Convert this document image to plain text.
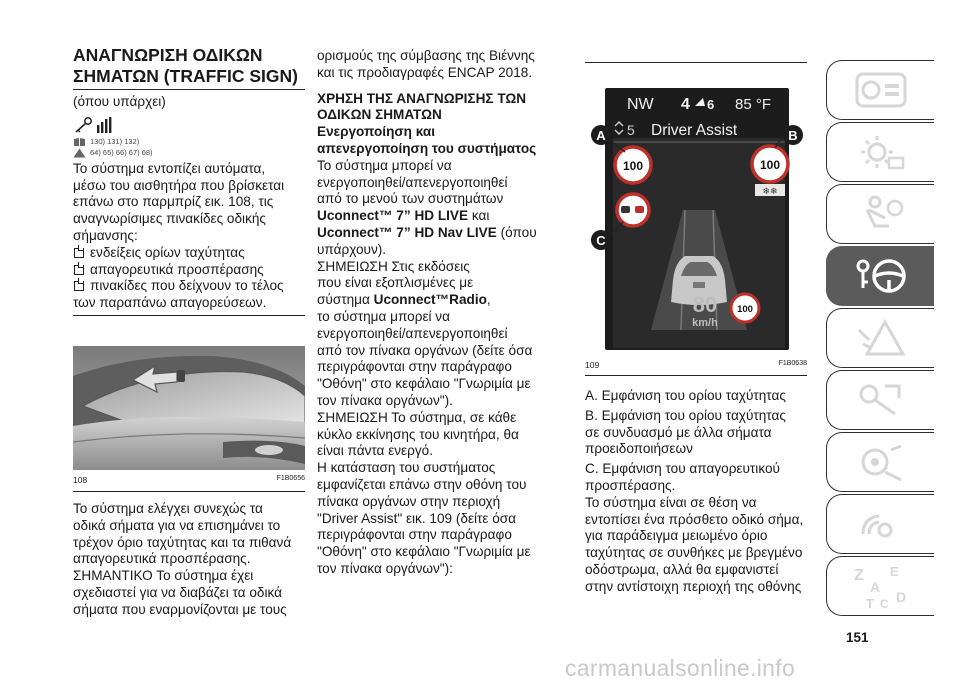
ΑΝΑΓΝΩΡΙΣΗ ΟΔΙΚΩΝ
ΣΗΜΑΤΩΝ (TRAFFIC SIGN)
(όπου υπάρχει)
130) 131) 132)
64) 65) 66) 67) 68)
Το σύστημα εντοπίζει αυτόματα,
μέσω του αισθητήρα που βρίσκεται
επάνω στο παρμπρίζ εικ. 108, τις
αναγνωρίσιμες πινακίδες οδικής
σήμανσης:
ενδείξεις ορίων ταχύτητας
απαγορευτικά προσπέρασης
πινακίδες που δείχνουν το τέλος
των παραπάνω απαγορεύσεων.
108	F1B0656
Το σύστημα ελέγχει συνεχώς τα
οδικά σήματα για να επισημάνει το
τρέχον όριο ταχύτητας και τα πιθανά
απαγορευτικά προσπέρασης.
ΣΗΜΑΝΤΙΚΟ Το σύστημα έχει
σχεδιαστεί για να διαβάζει τα οδικά
σήματα που εναρμονίζονται με τους
ορισμούς της σύμβασης της Βιέννης
και τις προδιαγραφές ENCAP 2018.
ΧΡΗΣΗ ΤΗΣ ΑΝΑΓΝΩΡΙΣΗΣ ΤΩΝ
ΟΔΙΚΩΝ ΣΗΜΑΤΩΝ
Ενεργοποίηση και
απενεργοποίηση του συστήματος
Το σύστημα μπορεί να
ενεργοποιηθεί/απενεργοποιηθεί
από το μενού των συστημάτων
Uconnect™ 7” HD LIVE και
Uconnect™ 7” HD Nav LIVE (όπου
υπάρχουν).
ΣΗΜΕΙΩΣΗ Στις εκδόσεις
που είναι εξοπλισμένες με
σύστημα Uconnect™Radio,
το σύστημα μπορεί να
ενεργοποιηθεί/απενεργοποιηθεί
από τον πίνακα οργάνων (δείτε όσα
περιγράφονται στην παράγραφο
"Οθόνη" στο κεφάλαιο "Γνωριμία με
τον πίνακα οργάνων").
ΣΗΜΕΙΩΣΗ Το σύστημα, σε κάθε
κύκλο εκκίνησης του κινητήρα, θα
είναι πάντα ενεργό.
Η κατάσταση του συστήματος
εμφανίζεται επάνω στην οθόνη του
πίνακα οργάνων στην περιοχή
"Driver Assist" εικ. 109 (δείτε όσα
περιγράφονται στην παράγραφο
"Οθόνη" στο κεφάλαιο "Γνωριμία με
τον πίνακα οργάνων"):
NW 4 6 85 °F
5 Driver Assist
100	100
❄❄
80
km/h
100
A	B
C
109	F1B0638
A. Εμφάνιση του ορίου ταχύτητας
B. Εμφάνιση του ορίου ταχύτητας
σε συνδυασμό με άλλα σήματα
προειδοποιήσεων
C. Εμφάνιση του απαγορευτικού
προσπέρασης.
Το σύστημα είναι σε θέση να
εντοπίσει ένα πρόσθετο οδικό σήμα,
για παράδειγμα μειωμένο όριο
ταχύτητας σε συνθήκες με βρεγμένο
οδόστρωμα, αλλά θα εμφανιστεί
στην αντίστοιχη περιοχή της οθόνης
Z E
A
T D
C
151
carmanualsonline.info
